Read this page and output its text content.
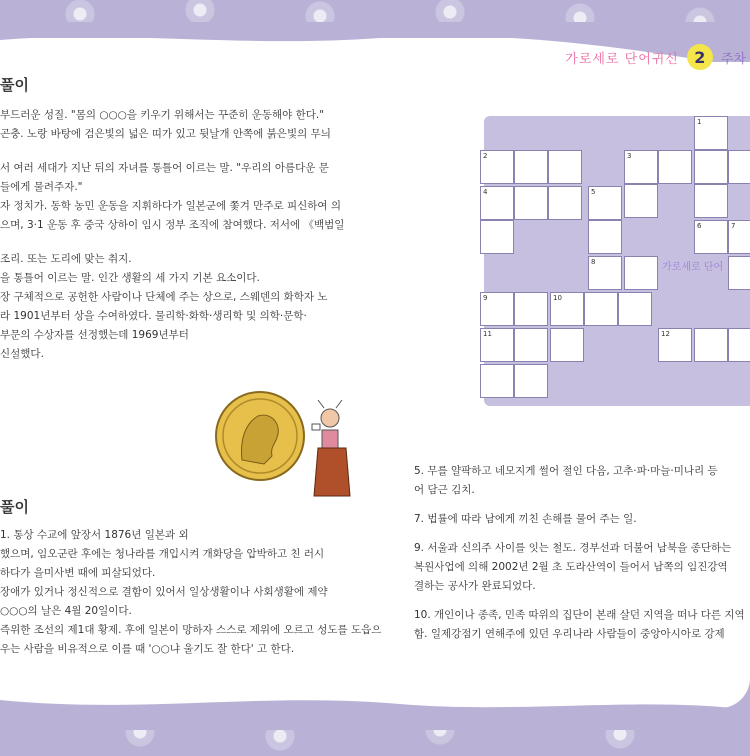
가로세로 단어귀신 2	주차
풀이
부드러운 성질. "몸의 ○○○을 키우기 위해서는 꾸준히 운동해야 한다."
곤충. 노랑 바탕에 검은빛의 넓은 띠가 있고 뒷날개 안쪽에 붉은빛의 무늬
서 여러 세대가 지난 뒤의 자녀를 통틀어 이르는 말. "우리의 아름다운 문
들에게 물려주자."
자 정치가. 동학 농민 운동을 지휘하다가 일본군에 쫓겨 만주로 피신하여 의
으며, 3·1 운동 후 중국 상하이 임시 정부 조직에 참여했다. 저서에 《백범일
조리. 또는 도리에 맞는 취지.
을 통틀어 이르는 말. 인간 생활의 세 가지 기본 요소이다.
장 구체적으로 공헌한 사람이나 단체에 주는 상으로, 스웨덴의 화학자 노
라 1901년부터 상을 수여하였다. 물리학·화학·생리학 및 의학·문학·
부문의 수상자를 선정했는데 1969년부터
신설했다.
풀이
1. 통상 수교에 앞장서 1876년 일본과 외
했으며, 임오군란 후에는 청나라를 개입시켜 개화당을 압박하고 친 러시
하다가 을미사변 때에 피살되었다.
장애가 있거나 정신적으로 결함이 있어서 일상생활이나 사회생활에 제약
○○○의 날은 4월 20일이다.
즉위한 조선의 제1대 황제. 후에 일본이 망하자 스스로 제위에 오르고 성도를 도읍으
우는 사람을 비유적으로 이를 때 '○○냐 울기도 잘 한다' 고 한다.
1
2	3
4	5
6	7
8
9	10
11	12
가로세로 단어
5. 무를 얄팍하고 네모지게 썰어 절인 다음, 고추·파·마늘·미나리 등
어 담근 김치.
7. 법률에 따라 남에게 끼친 손해를 물어 주는 일.
9. 서울과 신의주 사이를 잇는 철도. 경부선과 더불어 남북을 종단하는
복원사업에 의해 2002년 2월 초 도라산역이 들어서 남쪽의 임진강역
결하는 공사가 완료되었다.
10. 개인이나 종족, 민족 따위의 집단이 본래 살던 지역을 떠나 다른 지역
함. 일제강점기 연해주에 있던 우리나라 사람들이 중앙아시아로 강제
